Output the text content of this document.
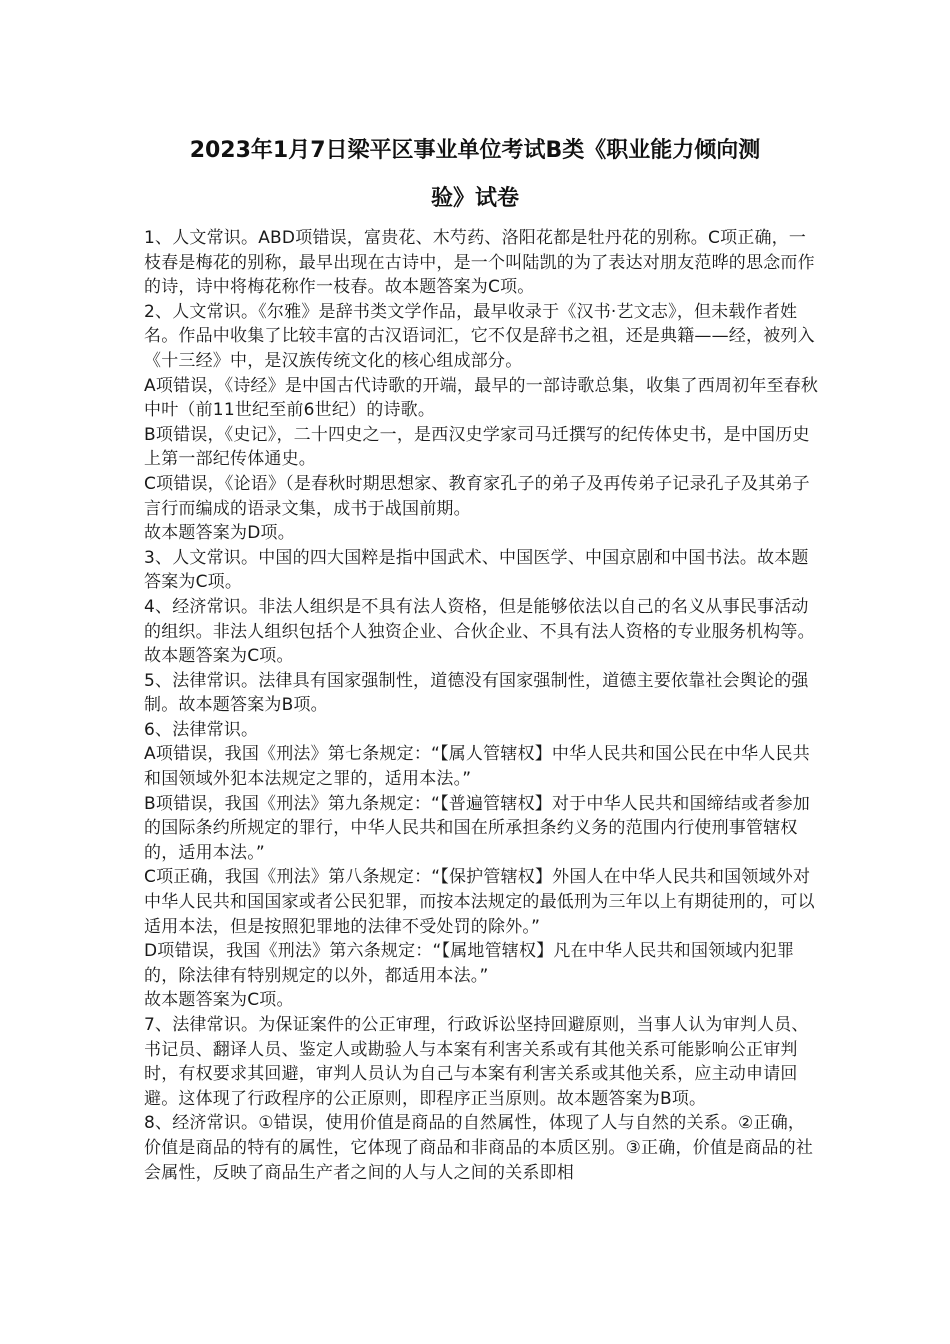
2023年1月7日梁平区事业单位考试B类《职业能力倾向测
验》试卷

1、人文常识。ABD项错误，富贵花、木芍药、洛阳花都是牡丹花的别称。C项正确，一枝春是梅花的别称，最早出现在古诗中，是一个叫陆凯的为了表达对朋友范晔的思念而作的诗，诗中将梅花称作一枝春。故本题答案为C项。

2、人文常识。《尔雅》是辞书类文学作品，最早收录于《汉书·艺文志》，但未载作者姓名。作品中收集了比较丰富的古汉语词汇，它不仅是辞书之祖，还是典籍——经，被列入《十三经》中，是汉族传统文化的核心组成部分。

A项错误，《诗经》是中国古代诗歌的开端，最早的一部诗歌总集，收集了西周初年至春秋中叶（前11世纪至前6世纪）的诗歌。

B项错误，《史记》，二十四史之一，是西汉史学家司马迁撰写的纪传体史书，是中国历史上第一部纪传体通史。

C项错误，《论语》（是春秋时期思想家、教育家孔子的弟子及再传弟子记录孔子及其弟子言行而编成的语录文集，成书于战国前期。

故本题答案为D项。

3、人文常识。中国的四大国粹是指中国武术、中国医学、中国京剧和中国书法。故本题答案为C项。

4、经济常识。非法人组织是不具有法人资格，但是能够依法以自己的名义从事民事活动的组织。非法人组织包括个人独资企业、合伙企业、不具有法人资格的专业服务机构等。故本题答案为C项。

5、法律常识。法律具有国家强制性，道德没有国家强制性，道德主要依靠社会舆论的强制。故本题答案为B项。

6、法律常识。

A项错误，我国《刑法》第七条规定：“【属人管辖权】中华人民共和国公民在中华人民共和国领域外犯本法规定之罪的，适用本法。”

B项错误，我国《刑法》第九条规定：“【普遍管辖权】对于中华人民共和国缔结或者参加的国际条约所规定的罪行，中华人民共和国在所承担条约义务的范围内行使刑事管辖权的，适用本法。”

C项正确，我国《刑法》第八条规定：“【保护管辖权】外国人在中华人民共和国领域外对中华人民共和国国家或者公民犯罪，而按本法规定的最低刑为三年以上有期徒刑的，可以适用本法，但是按照犯罪地的法律不受处罚的除外。”

D项错误，我国《刑法》第六条规定：“【属地管辖权】凡在中华人民共和国领域内犯罪的，除法律有特别规定的以外，都适用本法。”

故本题答案为C项。

7、法律常识。为保证案件的公正审理，行政诉讼坚持回避原则，当事人认为审判人员、书记员、翻译人员、鉴定人或勘验人与本案有利害关系或有其他关系可能影响公正审判时，有权要求其回避，审判人员认为自己与本案有利害关系或其他关系，应主动申请回避。这体现了行政程序的公正原则，即程序正当原则。故本题答案为B项。

8、经济常识。①错误，使用价值是商品的自然属性，体现了人与自然的关系。②正确，价值是商品的特有的属性，它体现了商品和非商品的本质区别。③正确，价值是商品的社会属性，反映了商品生产者之间的人与人之间的关系即相
